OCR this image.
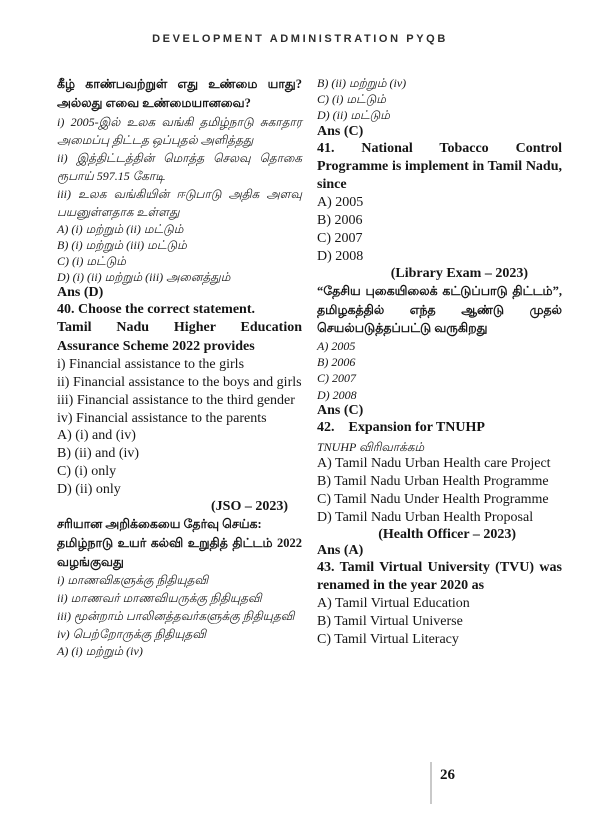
DEVELOPMENT ADMINISTRATION PYQB

கீழ் காண்பவற்றுள் எது உண்மை யாது? அல்லது எவை உண்மையானவை?

i) 2005-இல் உலக வங்கி தமிழ்நாடு சுகாதார அமைப்பு திட்டத ஒப்புதல் அளித்தது

ii) இத்திட்டத்தின் மொத்த செலவு தொகை ரூபாய் 597.15 கோடி

iii) உலக வங்கியின் ஈடுபாடு அதிக அளவு பயனுள்ளதாக உள்ளது

A) (i) மற்றும் (ii) மட்டும்

B) (i) மற்றும் (iii) மட்டும்

C) (i) மட்டும்

D) (i) (ii) மற்றும் (iii) அனைத்தும்

Ans (D)

40. Choose the correct statement.

Tamil Nadu Higher Education Assurance Scheme 2022 provides

i) Financial assistance to the girls

ii) Financial assistance to the boys and girls

iii) Financial assistance to the third gender

iv) Financial assistance to the parents

A) (i) and (iv)

B) (ii) and (iv)

C) (i) only

D) (ii) only

(JSO – 2023)

சரியான அறிக்கையை தேர்வு செய்க:

தமிழ்நாடு உயர் கல்வி உறுதித் திட்டம் 2022 வழங்குவது

i) மாணவிகளுக்கு நிதியுதவி

ii) மாணவர் மாணவியருக்கு நிதியுதவி

iii) மூன்றாம் பாலினத்தவர்களுக்கு நிதியுதவி

iv) பெற்றோருக்கு நிதியுதவி

A) (i) மற்றும் (iv)

B) (ii) மற்றும் (iv)

C) (i) மட்டும்

D) (ii) மட்டும்

Ans (C)

41. National Tobacco Control Programme is implement in Tamil Nadu, since

A) 2005

B) 2006

C) 2007

D) 2008

(Library Exam – 2023)

“தேசிய புகையிலைக் கட்டுப்பாடு திட்டம்”, தமிழகத்தில் எந்த ஆண்டு முதல் செயல்படுத்தப்பட்டு வருகிறது

A) 2005

B) 2006

C) 2007

D) 2008

Ans (C)

42. Expansion for TNUHP

TNUHP விரிவாக்கம்

A) Tamil Nadu Urban Health care Project

B) Tamil Nadu Urban Health Programme

C) Tamil Nadu Under Health Programme

D) Tamil Nadu Urban Health Proposal

(Health Officer – 2023)

Ans (A)

43. Tamil Virtual University (TVU) was renamed in the year 2020 as

A) Tamil Virtual Education

B) Tamil Virtual Universe

C) Tamil Virtual Literacy

26
